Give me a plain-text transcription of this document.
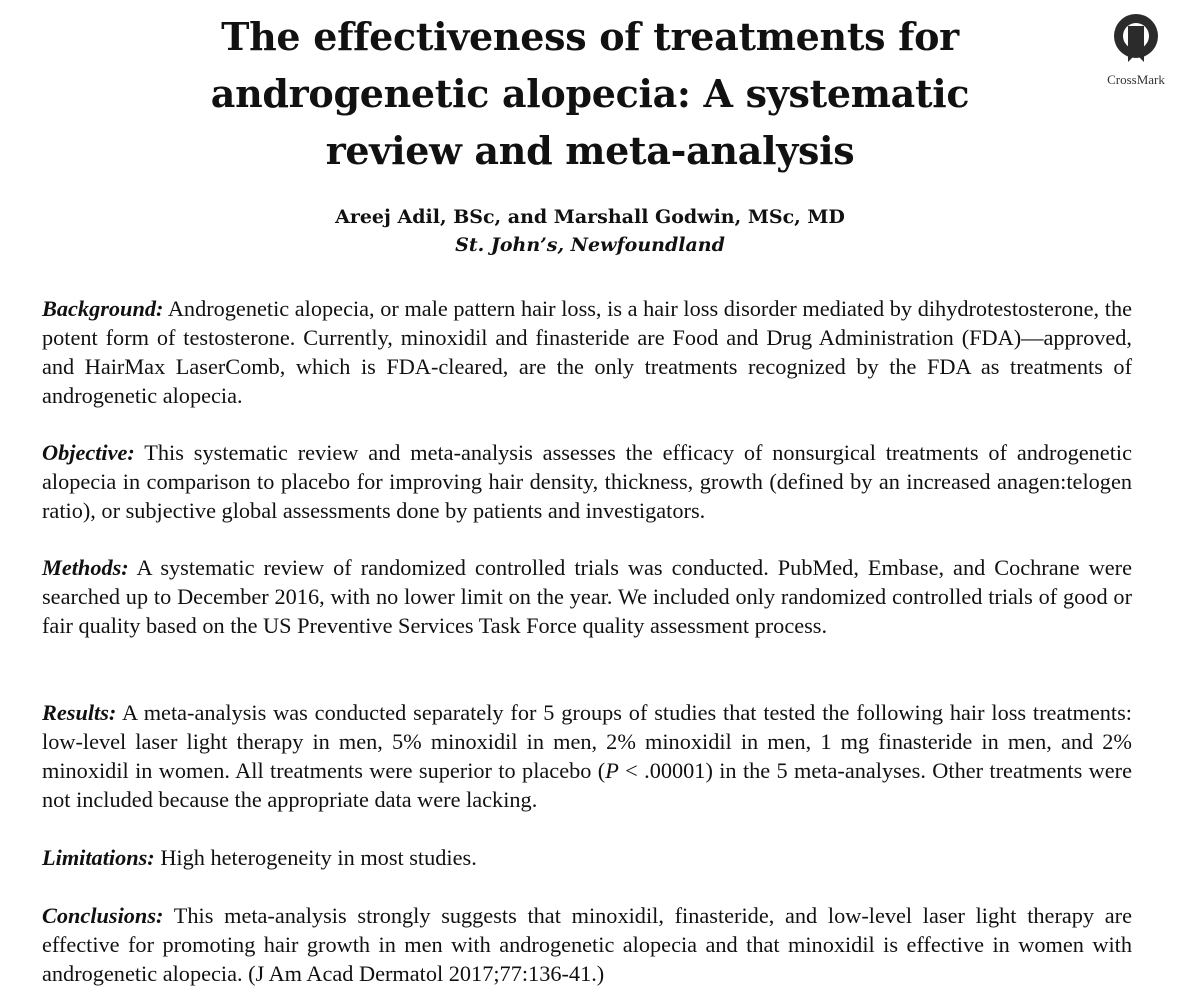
The effectiveness of treatments for androgenetic alopecia: A systematic review and meta-analysis
CrossMark
Areej Adil, BSc, and Marshall Godwin, MSc, MD
St. John’s, Newfoundland

Background: Androgenetic alopecia, or male pattern hair loss, is a hair loss disorder mediated by dihydrotestosterone, the potent form of testosterone. Currently, minoxidil and finasteride are Food and Drug Administration (FDA)—approved, and HairMax LaserComb, which is FDA-cleared, are the only treatments recognized by the FDA as treatments of androgenetic alopecia.

Objective: This systematic review and meta-analysis assesses the efficacy of nonsurgical treatments of androgenetic alopecia in comparison to placebo for improving hair density, thickness, growth (defined by an increased anagen:telogen ratio), or subjective global assessments done by patients and investigators.

Methods: A systematic review of randomized controlled trials was conducted. PubMed, Embase, and Cochrane were searched up to December 2016, with no lower limit on the year. We included only randomized controlled trials of good or fair quality based on the US Preventive Services Task Force quality assessment process.

Results: A meta-analysis was conducted separately for 5 groups of studies that tested the following hair loss treatments: low-level laser light therapy in men, 5% minoxidil in men, 2% minoxidil in men, 1 mg finasteride in men, and 2% minoxidil in women. All treatments were superior to placebo (P < .00001) in the 5 meta-analyses. Other treatments were not included because the appropriate data were lacking.

Limitations: High heterogeneity in most studies.

Conclusions: This meta-analysis strongly suggests that minoxidil, finasteride, and low-level laser light therapy are effective for promoting hair growth in men with androgenetic alopecia and that minoxidil is effective in women with androgenetic alopecia. (J Am Acad Dermatol 2017;77:136-41.)
